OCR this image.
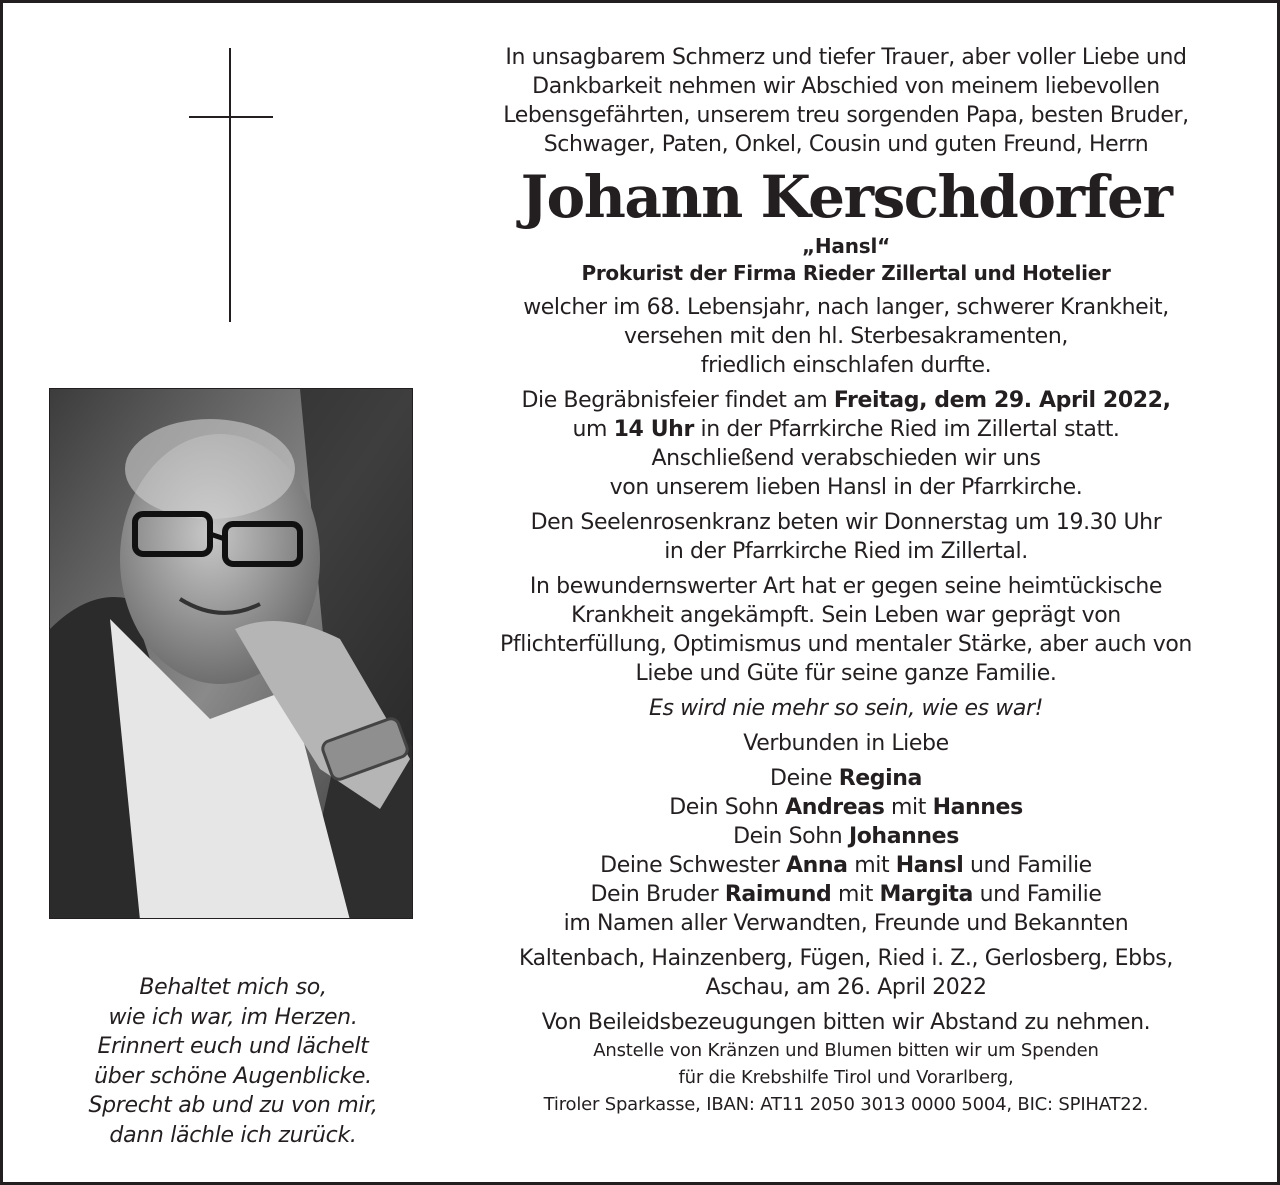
Behaltet mich so,
wie ich war, im Herzen.
Erinnert euch und lächelt
über schöne Augenblicke.
Sprecht ab und zu von mir,
dann lächle ich zurück.
In unsagbarem Schmerz und tiefer Trauer, aber voller Liebe und
Dankbarkeit nehmen wir Abschied von meinem liebevollen
Lebensgefährten, unserem treu sorgenden Papa, besten Bruder,
Schwager, Paten, Onkel, Cousin und guten Freund, Herrn
Johann Kerschdorfer
„Hansl“
Prokurist der Firma Rieder Zillertal und Hotelier
welcher im 68. Lebensjahr, nach langer, schwerer Krankheit,
versehen mit den hl. Sterbesakramenten,
friedlich einschlafen durfte.
Die Begräbnisfeier findet am Freitag, dem 29. April 2022,
um 14 Uhr in der Pfarrkirche Ried im Zillertal statt.
Anschließend verabschieden wir uns
von unserem lieben Hansl in der Pfarrkirche.
Den Seelenrosenkranz beten wir Donnerstag um 19.30 Uhr
in der Pfarrkirche Ried im Zillertal.
In bewundernswerter Art hat er gegen seine heimtückische
Krankheit angekämpft. Sein Leben war geprägt von
Pflichterfüllung, Optimismus und mentaler Stärke, aber auch von
Liebe und Güte für seine ganze Familie.
Es wird nie mehr so sein, wie es war!
Verbunden in Liebe
Deine Regina
Dein Sohn Andreas mit Hannes
Dein Sohn Johannes
Deine Schwester Anna mit Hansl und Familie
Dein Bruder Raimund mit Margita und Familie
im Namen aller Verwandten, Freunde und Bekannten
Kaltenbach, Hainzenberg, Fügen, Ried i. Z., Gerlosberg, Ebbs,
Aschau, am 26. April 2022
Von Beileidsbezeugungen bitten wir Abstand zu nehmen.
Anstelle von Kränzen und Blumen bitten wir um Spenden
für die Krebshilfe Tirol und Vorarlberg,
Tiroler Sparkasse, IBAN: AT11 2050 3013 0000 5004, BIC: SPIHAT22.
